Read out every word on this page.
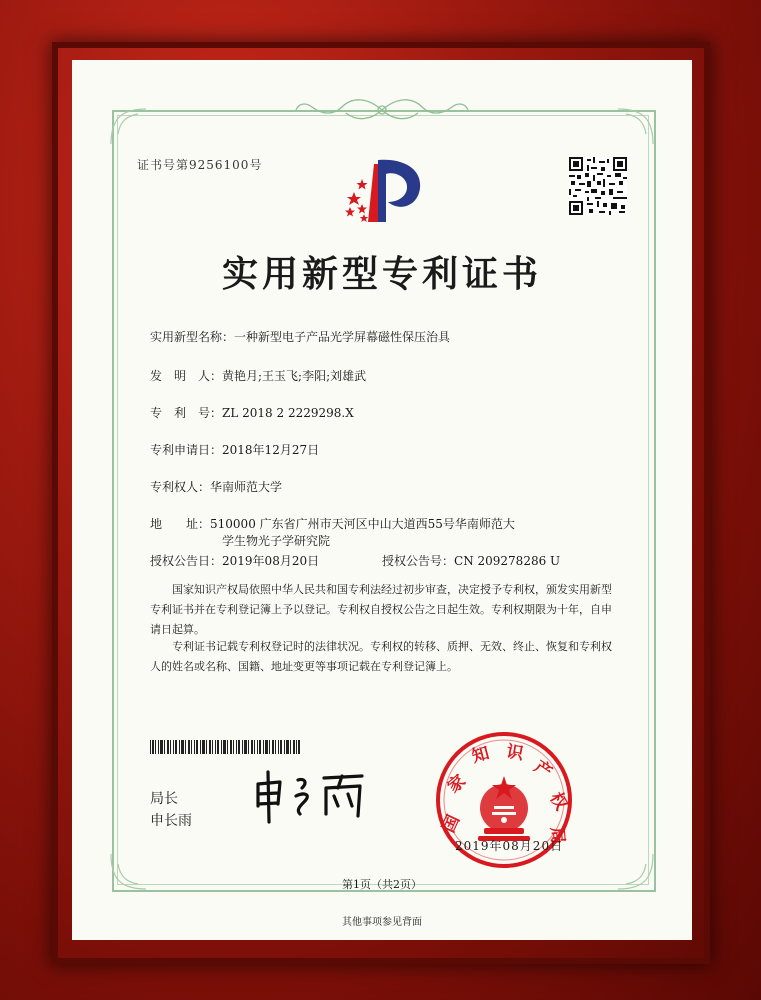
证书号第9256100号
实用新型专利证书
实用新型名称：一种新型电子产品光学屏幕磁性保压治具
发　明　人：黄艳月;王玉飞;李阳;刘雄武
专　利　号：ZL 2018 2 2229298.X
专利申请日：2018年12月27日
专利权人：华南师范大学
地　　址：510000 广东省广州市天河区中山大道西55号华南师范大
学生物光子学研究院
授权公告日：2019年08月20日	授权公告号：CN 209278286 U
国家知识产权局依照中华人民共和国专利法经过初步审查，决定授予专利权，颁发实用新型专利证书并在专利登记簿上予以登记。专利权自授权公告之日起生效。专利权期限为十年，自申请日起算。
专利证书记载专利权登记时的法律状况。专利权的转移、质押、无效、终止、恢复和专利权人的姓名或名称、国籍、地址变更等事项记载在专利登记簿上。
局长
申长雨	国
家
知 识
产
权
局
2019年08月20日
第1页（共2页）
其他事项参见背面
